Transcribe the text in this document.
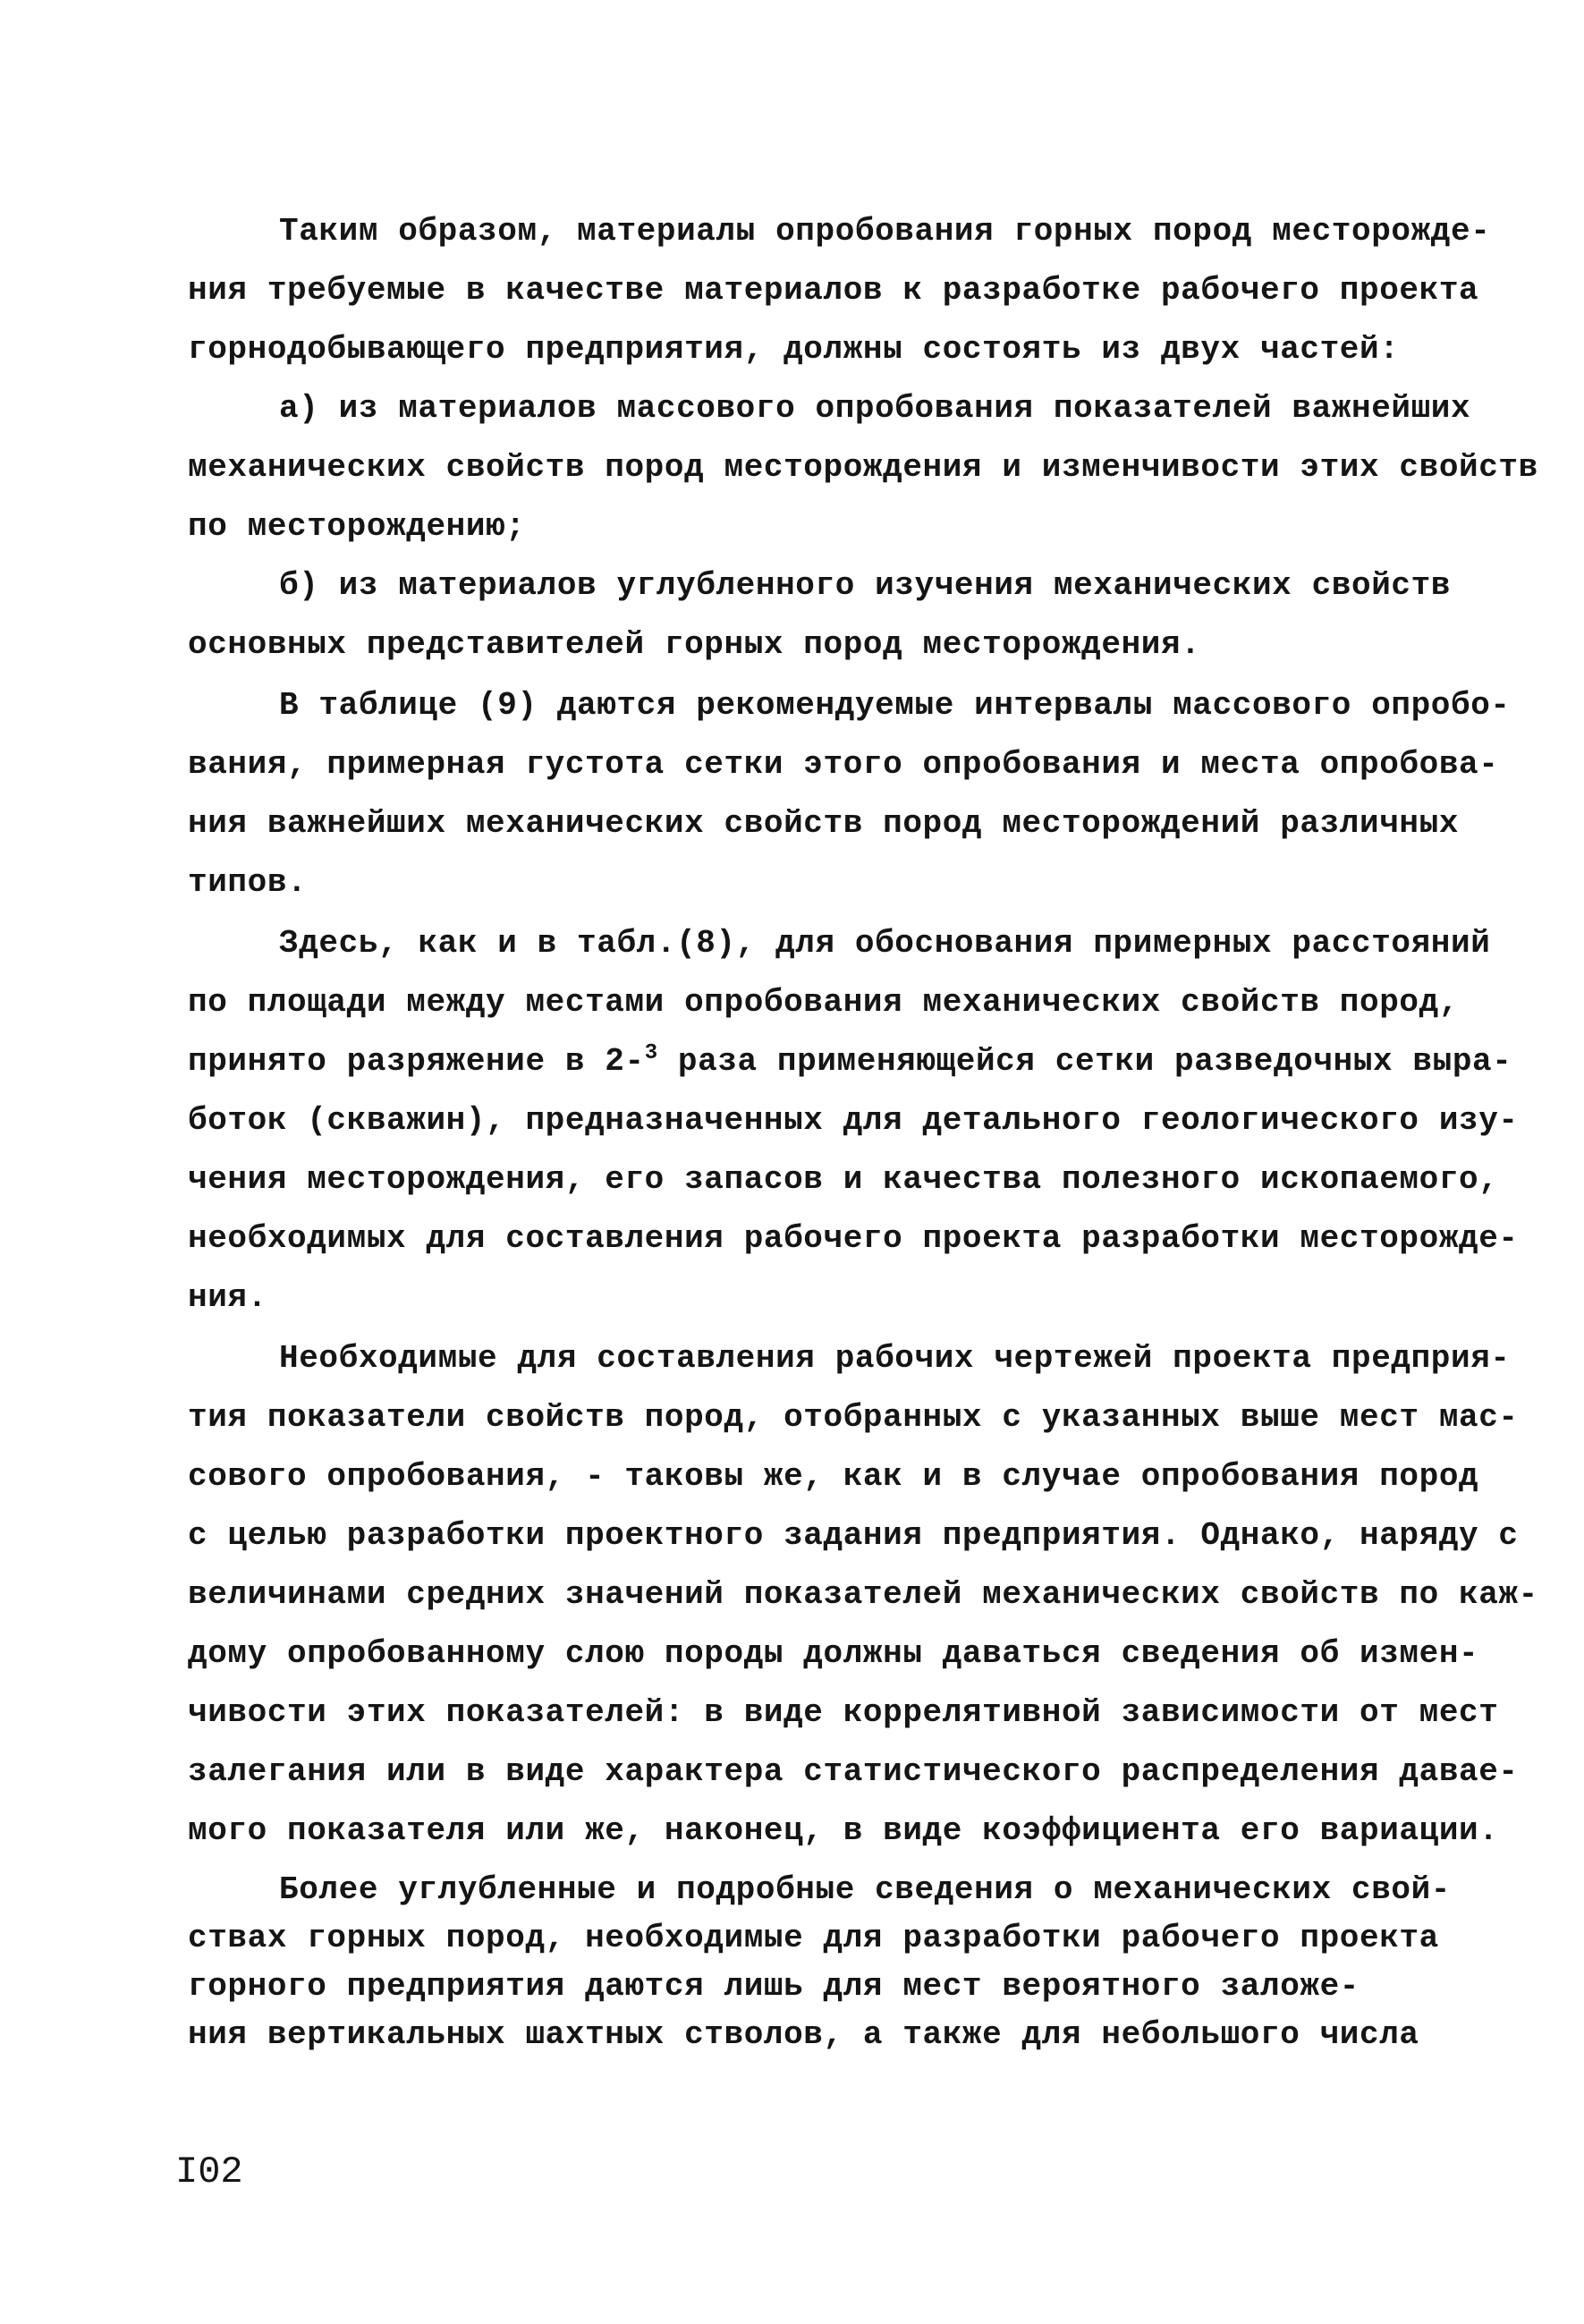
Таким образом, материалы опробования горных пород месторожде-
ния требуемые в качестве материалов к разработке рабочего проекта
горнодобывающего предприятия, должны состоять из двух частей:
а) из материалов массового опробования показателей важнейших
механических свойств пород месторождения и изменчивости этих свойств
по месторождению;
б) из материалов углубленного изучения механических свойств
основных представителей горных пород месторождения.
В таблице (9) даются рекомендуемые интервалы массового опробо-
вания, примерная густота сетки этого опробования и места опробова-
ния важнейших механических свойств пород месторождений различных
типов.
Здесь, как и в табл.(8), для обоснования примерных расстояний
по площади между местами опробования механических свойств пород,
принято разряжение в 2-$^3$ раза применяющейся сетки разведочных выра-
боток (скважин), предназначенных для детального геологического изу-
чения месторождения, его запасов и качества полезного ископаемого,
необходимых для составления рабочего проекта разработки месторожде-
ния.
Необходимые для составления рабочих чертежей проекта предприя-
тия показатели свойств пород, отобранных с указанных выше мест мас-
сового опробования, - таковы же, как и в случае опробования пород
с целью разработки проектного задания предприятия. Однако, наряду с
величинами средних значений показателей механических свойств по каж-
дому опробованному слою породы должны даваться сведения об измен-
чивости этих показателей: в виде коррелятивной зависимости от мест
залегания или в виде характера статистического распределения давае-
мого показателя или же, наконец, в виде коэффициента его вариации.
Более углубленные и подробные сведения о механических свой-
ствах горных пород, необходимые для разработки рабочего проекта
горного предприятия даются лишь для мест вероятного заложе-
ния вертикальных шахтных стволов, а также для небольшого числа
I02
